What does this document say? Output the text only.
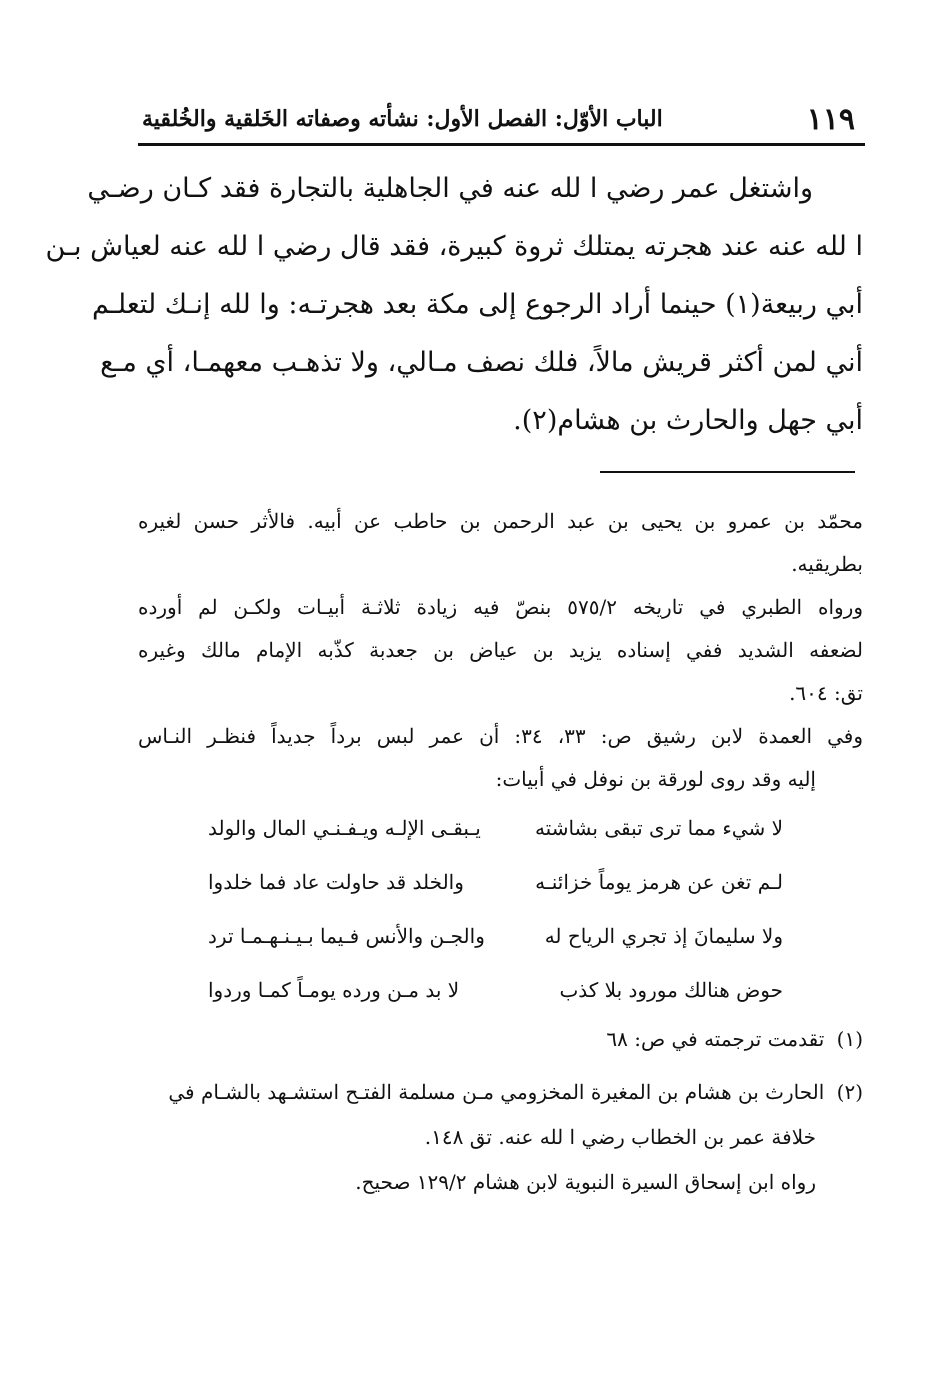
١١٩
الباب الأوّل: الفصل الأول: نشأته وصفاته الخَلقية والخُلقية
واشتغل عمر رضي ا لله عنه في الجاهلية بالتجارة فقد كـان رضـي
ا لله عنه عند هجرته يمتلك ثروة كبيرة، فقد قال رضي ا لله عنه لعياش بـن
أبي ربيعة(١) حينما أراد الرجوع إلى مكة بعد هجرتـه: وا لله إنـك لتعلـم
أني لمن أكثر قريش مالاً، فلك نصف مـالي، ولا تذهـب معهمـا، أي مـع
أبي جهل والحارث بن هشام(٢).
محمّد بن عمرو بن يحيى بن عبد الرحمن بن حاطب عن أبيه. فالأثر حسن لغيره
بطريقيه.
ورواه الطبري في تاريخه ٥٧٥/٢ بنصّ فيه زيادة ثلاثـة أبيـات ولكـن لم أورده
لضعفه الشديد ففي إسناده يزيد بن عياض بن جعدبة كذّبه الإمام مالك وغيره
تق: ٦٠٤.
وفي العمدة لابن رشيق ص: ٣٣، ٣٤: أن عمر لبس برداً جديداً فنظـر النـاس
إليه وقد روى لورقة بن نوفل في أبيات:
لا شيء مما ترى تبقى بشاشته
يـبقـى الإلـه ويـفـنـي المال والولد
لـم تغن عن هرمز يوماً خزائنـه
والخلد قد حاولت عاد فما خلدوا
ولا سليمانَ إذ تجري الرياح له
والجـن والأنس فـيما بـيـنـهـمـا ترد
حوض هنالك مورود بلا كذب
لا بد مـن ورده يومـاً كمـا وردوا
(١) تقدمت ترجمته في ص: ٦٨
(٢) الحارث بن هشام بن المغيرة المخزومي مـن مسلمة الفتـح استشـهد بالشـام في
خلافة عمر بن الخطاب رضي ا لله عنه. تق ١٤٨.
رواه ابن إسحاق السيرة النبوية لابن هشام ١٢٩/٢ صحيح.
